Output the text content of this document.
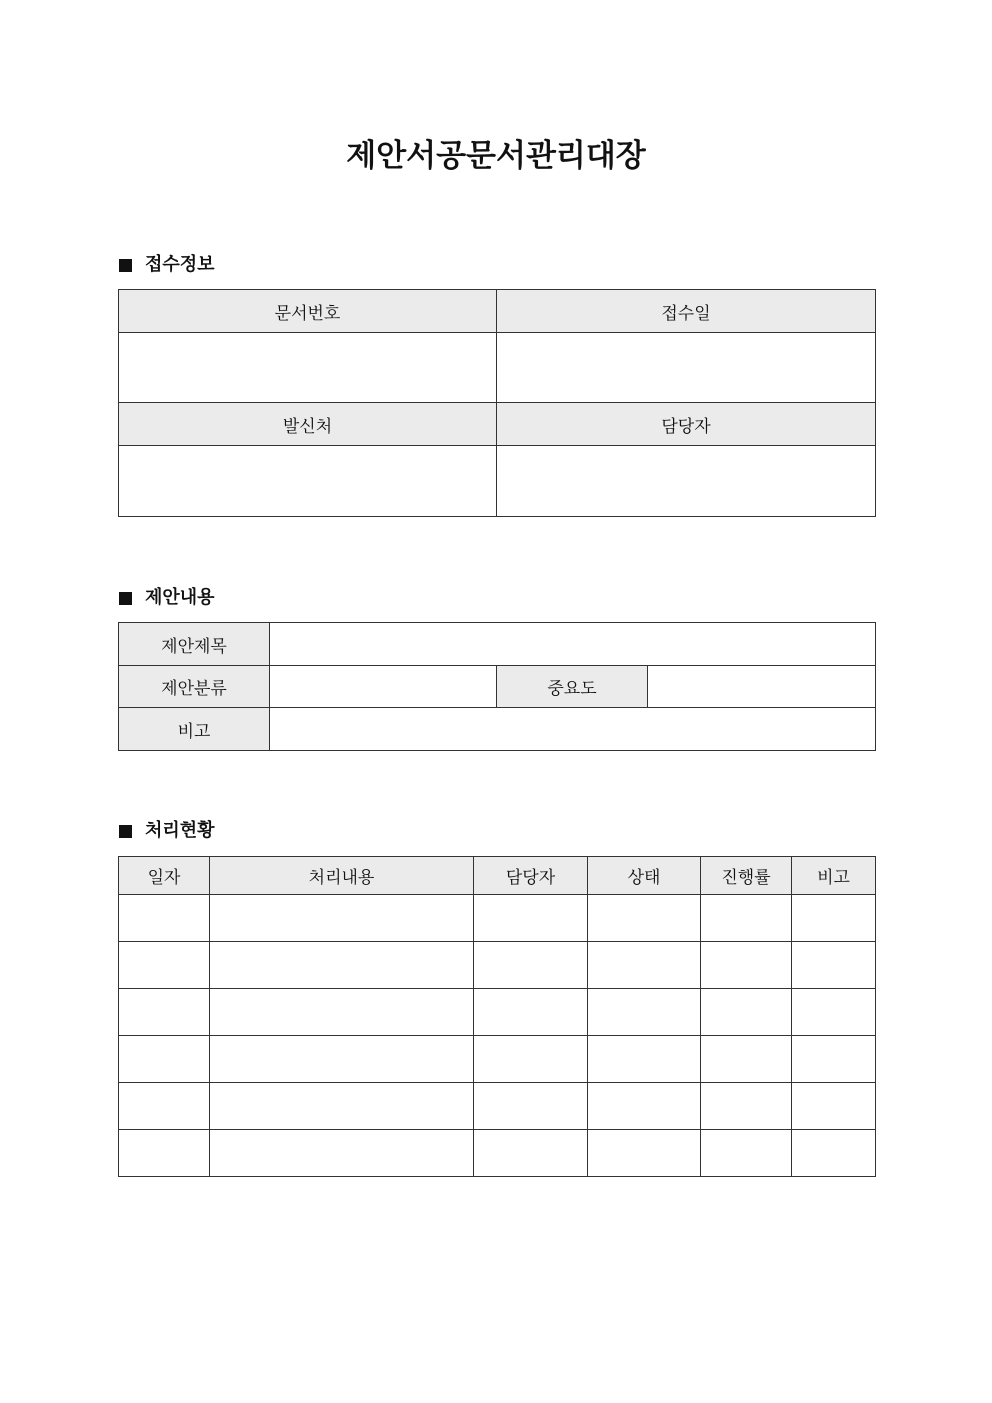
제안서공문서관리대장
접수정보
문서번호	접수일

발신처	담당자

제안내용
제안제목			
제안분류		중요도	
비고			
처리현황
일자	처리내용	담당자	상태	진행률	비고
